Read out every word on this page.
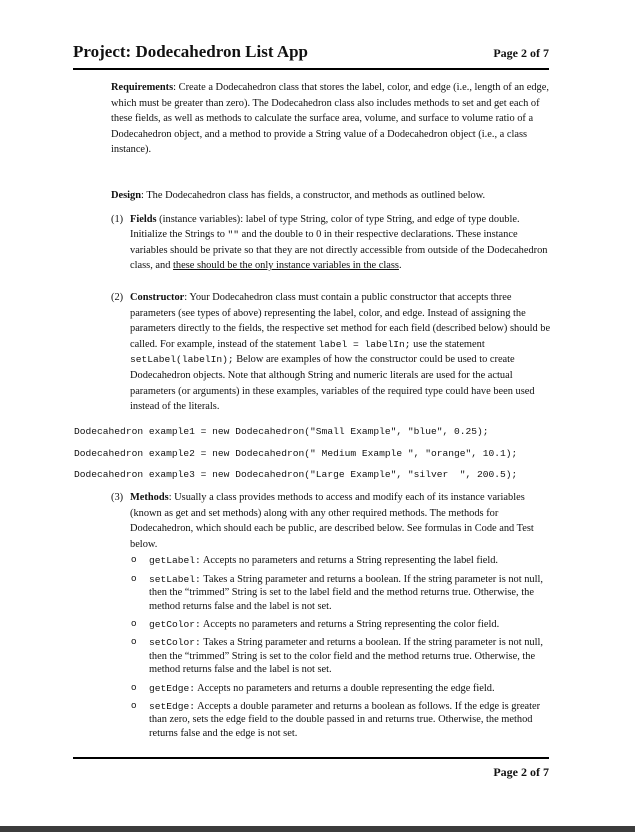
Project: Dodecahedron List App	Page 2 of 7

Requirements: Create a Dodecahedron class that stores the label, color, and edge (i.e., length of an edge, which must be greater than zero). The Dodecahedron class also includes methods to set and get each of these fields, as well as methods to calculate the surface area, volume, and surface to volume ratio of a Dodecahedron object, and a method to provide a String value of a Dodecahedron object (i.e., a class instance).

Design: The Dodecahedron class has fields, a constructor, and methods as outlined below.

(1) Fields (instance variables): label of type String, color of type String, and edge of type double. Initialize the Strings to "" and the double to 0 in their respective declarations. These instance variables should be private so that they are not directly accessible from outside of the Dodecahedron class, and these should be the only instance variables in the class.
(2) Constructor: Your Dodecahedron class must contain a public constructor that accepts three parameters (see types of above) representing the label, color, and edge. Instead of assigning the parameters directly to the fields, the respective set method for each field (described below) should be called. For example, instead of the statement label = labelIn; use the statement setLabel(labelIn); Below are examples of how the constructor could be used to create Dodecahedron objects. Note that although String and numeric literals are used for the actual parameters (or arguments) in these examples, variables of the required type could have been used instead of the literals.
Dodecahedron example1 = new Dodecahedron("Small Example", "blue", 0.25);
Dodecahedron example2 = new Dodecahedron(" Medium Example ", "orange", 10.1);
Dodecahedron example3 = new Dodecahedron("Large Example", "silver  ", 200.5);
(3) Methods: Usually a class provides methods to access and modify each of its instance variables (known as get and set methods) along with any other required methods. The methods for Dodecahedron, which should each be public, are described below. See formulas in Code and Test below.
o getLabel: Accepts no parameters and returns a String representing the label field.
o setLabel: Takes a String parameter and returns a boolean. If the string parameter is not null, then the “trimmed” String is set to the label field and the method returns true. Otherwise, the method returns false and the label is not set.
o getColor: Accepts no parameters and returns a String representing the color field.
o setColor: Takes a String parameter and returns a boolean. If the string parameter is not null, then the “trimmed” String is set to the color field and the method returns true. Otherwise, the method returns false and the label is not set.
o getEdge: Accepts no parameters and returns a double representing the edge field.
o setEdge: Accepts a double parameter and returns a boolean as follows. If the edge is greater than zero, sets the edge field to the double passed in and returns true. Otherwise, the method returns false and the edge is not set.
Page 2 of 7
